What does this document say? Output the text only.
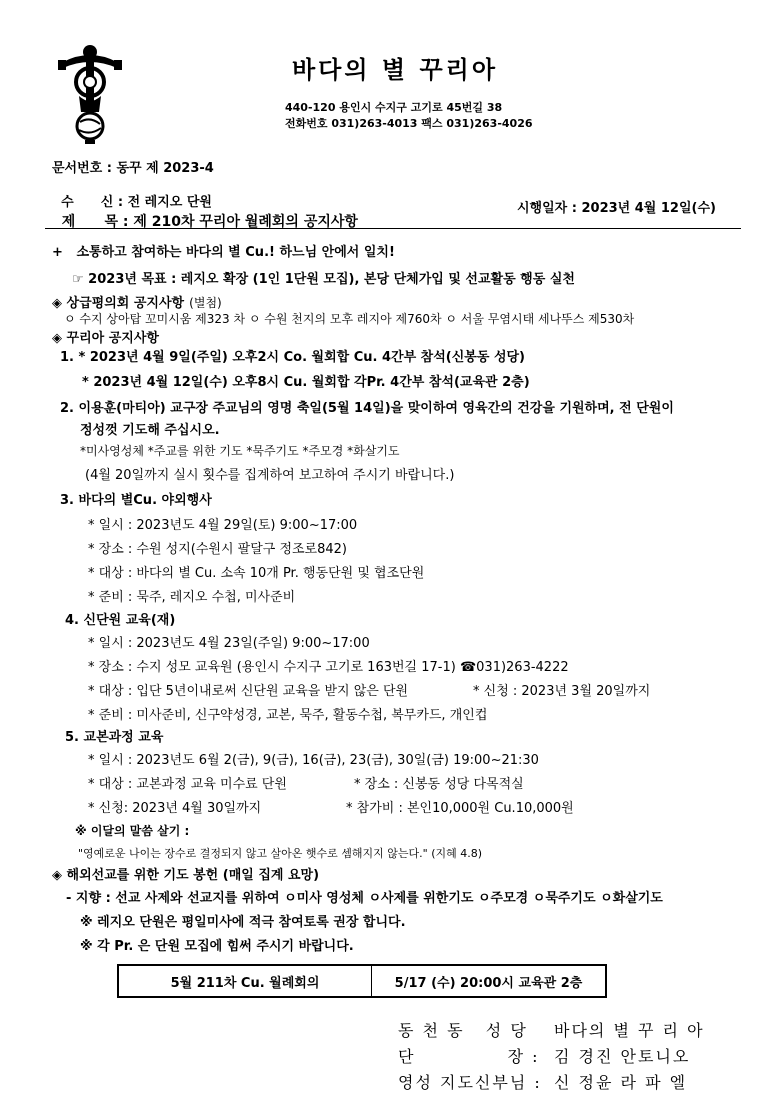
바다의 별 꾸리아
440-120 용인시 수지구 고기로 45번길 38
전화번호 031)263-4013 팩스 031)263-4026
문서번호 : 동꾸 제 2023-4

수      신 : 전 레지오 단원

제      목 : 제 210차 꾸리아 월례회의 공지사항

시행일자 : 2023년 4월 12일(수)
+   소통하고 참여하는 바다의 별 Cu.! 하느님 안에서 일치!
☞ 2023년 목표 : 레지오 확장 (1인 1단원 모집), 본당 단체가입 및 선교활동 행동 실천
◈ 상급평의회 공지사항 (별첨)
ㅇ 수지 상아탑 꼬미시움 제323 차 ㅇ 수원 천지의 모후 레지아 제760차 ㅇ 서울 무염시태 세나뚜스 제530차
◈ 꾸리아 공지사항
1. * 2023년 4월 9일(주일) 오후2시 Co. 월회합 Cu. 4간부 참석(신봉동 성당)
* 2023년 4월 12일(수) 오후8시 Cu. 월회합 각Pr. 4간부 참석(교육관 2층)
2. 이용훈(마티아) 교구장 주교님의 영명 축일(5월 14일)을 맞이하여 영육간의 건강을 기원하며, 전 단원이
정성껏 기도해 주십시오.
*미사영성체 *주교를 위한 기도 *묵주기도 *주모경 *화살기도
(4월 20일까지 실시 횟수를 집계하여 보고하여 주시기 바랍니다.)
3. 바다의 별Cu. 야외행사
* 일시 : 2023년도 4월 29일(토) 9:00~17:00
* 장소 : 수원 성지(수원시 팔달구 정조로842)
* 대상 : 바다의 별 Cu. 소속 10개 Pr. 행동단원 및 협조단원
* 준비 : 묵주, 레지오 수첩, 미사준비
4. 신단원 교육(재)
* 일시 : 2023년도 4월 23일(주일) 9:00~17:00
* 장소 : 수지 성모 교육원 (용인시 수지구 고기로 163번길 17-1) ☎031)263-4222
* 대상 : 입단 5년이내로써 신단원 교육을 받지 않은 단원	* 신청 : 2023년 3월 20일까지
* 준비 : 미사준비, 신구약성경, 교본, 묵주, 활동수첩, 복무카드, 개인컵
5. 교본과정 교육
* 일시 : 2023년도 6월 2(금), 9(금), 16(금), 23(금), 30일(금) 19:00~21:30
* 대상 : 교본과정 교육 미수료 단원	* 장소 : 신봉동 성당 다목적실
* 신청: 2023년 4월 30일까지	* 참가비 : 본인10,000원 Cu.10,000원
※ 이달의 말씀 살기 :
"영예로운 나이는 장수로 결정되지 않고 살아온 햇수로 셈해지지 않는다." (지혜 4.8)
◈ 해외선교를 위한 기도 봉헌 (매일 집계 요망)
- 지향 : 선교 사제와 선교지를 위하여 ㅇ미사 영성체 ㅇ사제를 위한기도 ㅇ주모경 ㅇ묵주기도 ㅇ화살기도
※ 레지오 단원은 평일미사에 적극 참여토록 권장 합니다.
※ 각 Pr. 은 단원 모집에 힘써 주시기 바랍니다.
5월 211차 Cu. 월례회의	5/17 (수) 20:00시 교육관 2층
동 천 동   성 당 바다의 별 꾸 리 아
단             장 : 김 경진 안토니오
영성 지도신부님 : 신 정윤 라 파 엘
